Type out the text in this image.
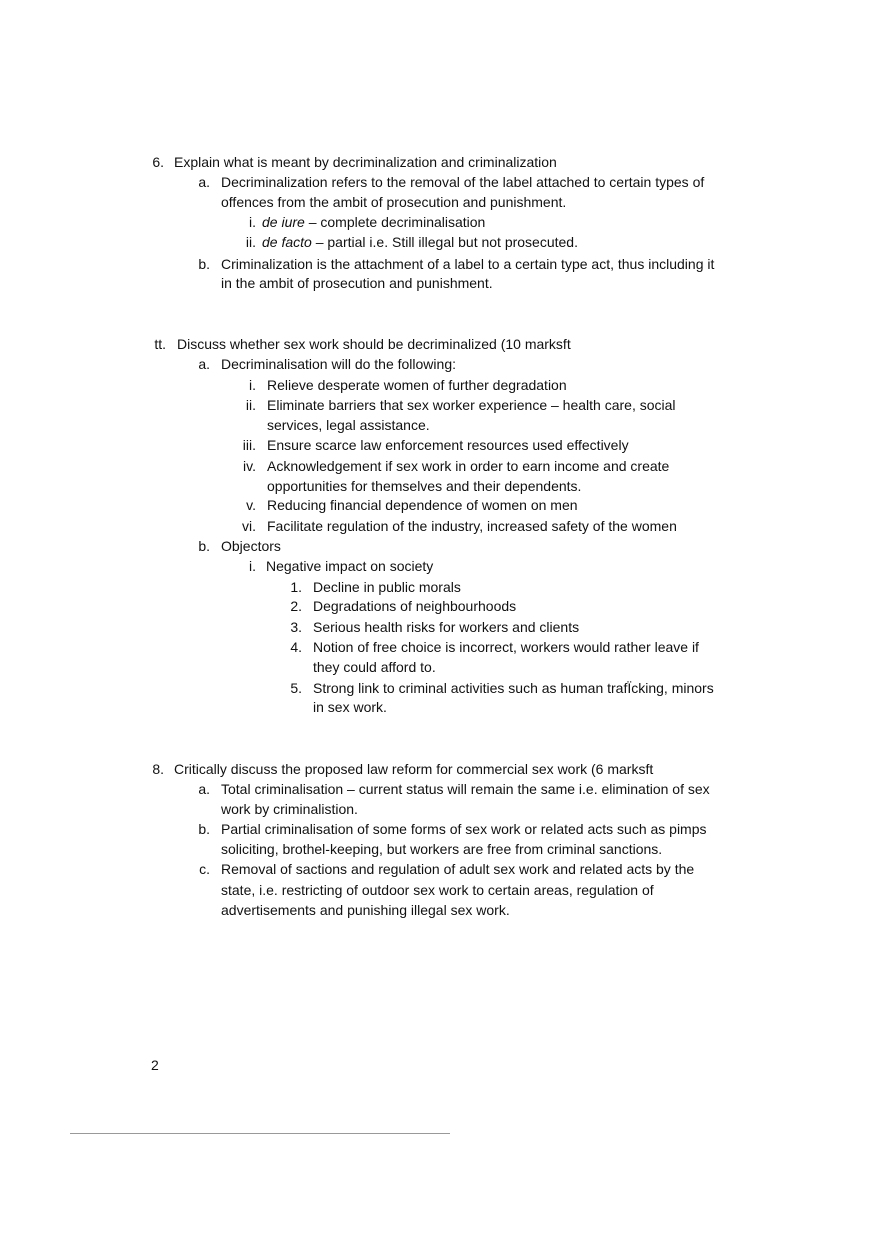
6. Explain what is meant by decriminalization and criminalization
a. Decriminalization refers to the removal of the label attached to certain types of
offences from the ambit of prosecution and punishment.
i. de iure – complete decriminalisation
ii. de facto – partial i.e. Still illegal but not prosecuted.
b. Criminalization is the attachment of a label to a certain type act, thus including it
in the ambit of prosecution and punishment.
tt. Discuss whether sex work should be decriminalized (10 marksft
a. Decriminalisation will do the following:
i. Relieve desperate women of further degradation
ii. Eliminate barriers that sex worker experience – health care, social
services, legal assistance.
iii. Ensure scarce law enforcement resources used effectively
iv. Acknowledgement if sex work in order to earn income and create
opportunities for themselves and their dependents.
v. Reducing financial dependence of women on men
vi. Facilitate regulation of the industry, increased safety of the women
b. Objectors
i. Negative impact on society
1. Decline in public morals
2. Degradations of neighbourhoods
3. Serious health risks for workers and clients
4. Notion of free choice is incorrect, workers would rather leave if
they could afford to.
5. Strong link to criminal activities such as human trafÏcking, minors
in sex work.
8. Critically discuss the proposed law reform for commercial sex work (6 marksft
a. Total criminalisation – current status will remain the same i.e. elimination of sex
work by criminalistion.
b. Partial criminalisation of some forms of sex work or related acts such as pimps
soliciting, brothel-keeping, but workers are free from criminal sanctions.
c. Removal of sactions and regulation of adult sex work and related acts by the
state, i.e. restricting of outdoor sex work to certain areas, regulation of
advertisements and punishing illegal sex work.
2
